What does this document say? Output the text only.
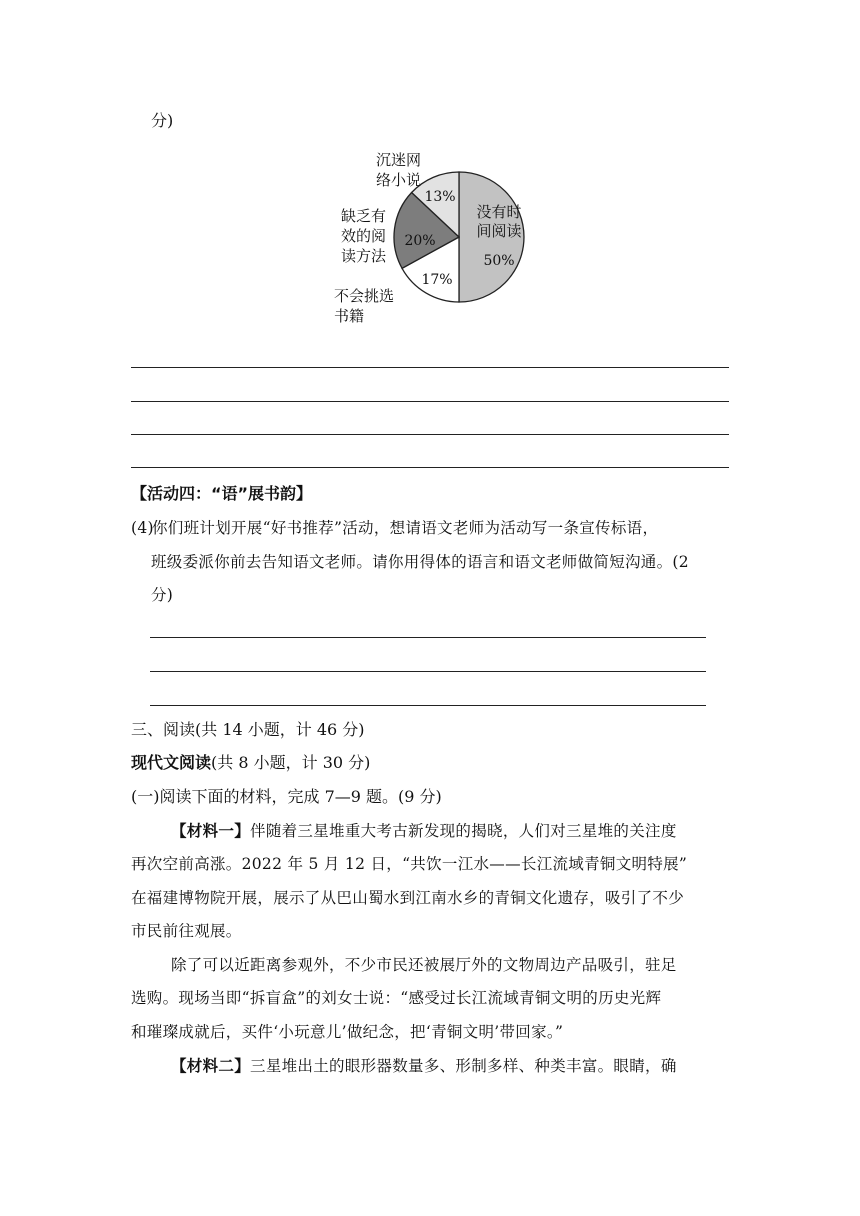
分)
50%
17%
20%
13%
没有时
间阅读
沉迷网
络小说
缺乏有
效的阅
读方法
不会挑选
书籍
【活动四：“语”展书韵】
(4)
你们班计划开展“好书推荐”活动，想请语文老师为活动写一条宣传标语，
班级委派你前去告知语文老师。请你用得体的语言和语文老师做简短沟通。(2
分)
三、阅读(共 14 小题，计 46 分)
现代文阅读(共 8 小题，计 30 分)
(一)阅读下面的材料，完成 7—9 题。(9 分)
【材料一】伴随着三星堆重大考古新发现的揭晓，人们对三星堆的关注度
再次空前高涨。2022 年 5 月 12 日，“共饮一江水——长江流域青铜文明特展”
在福建博物院开展，展示了从巴山蜀水到江南水乡的青铜文化遗存，吸引了不少
市民前往观展。
除了可以近距离参观外，不少市民还被展厅外的文物周边产品吸引，驻足
选购。现场当即“拆盲盒”的刘女士说：“感受过长江流域青铜文明的历史光辉
和璀璨成就后，买件‘小玩意儿’做纪念，把‘青铜文明’带回家。”
【材料二】三星堆出土的眼形器数量多、形制多样、种类丰富。眼睛，确
